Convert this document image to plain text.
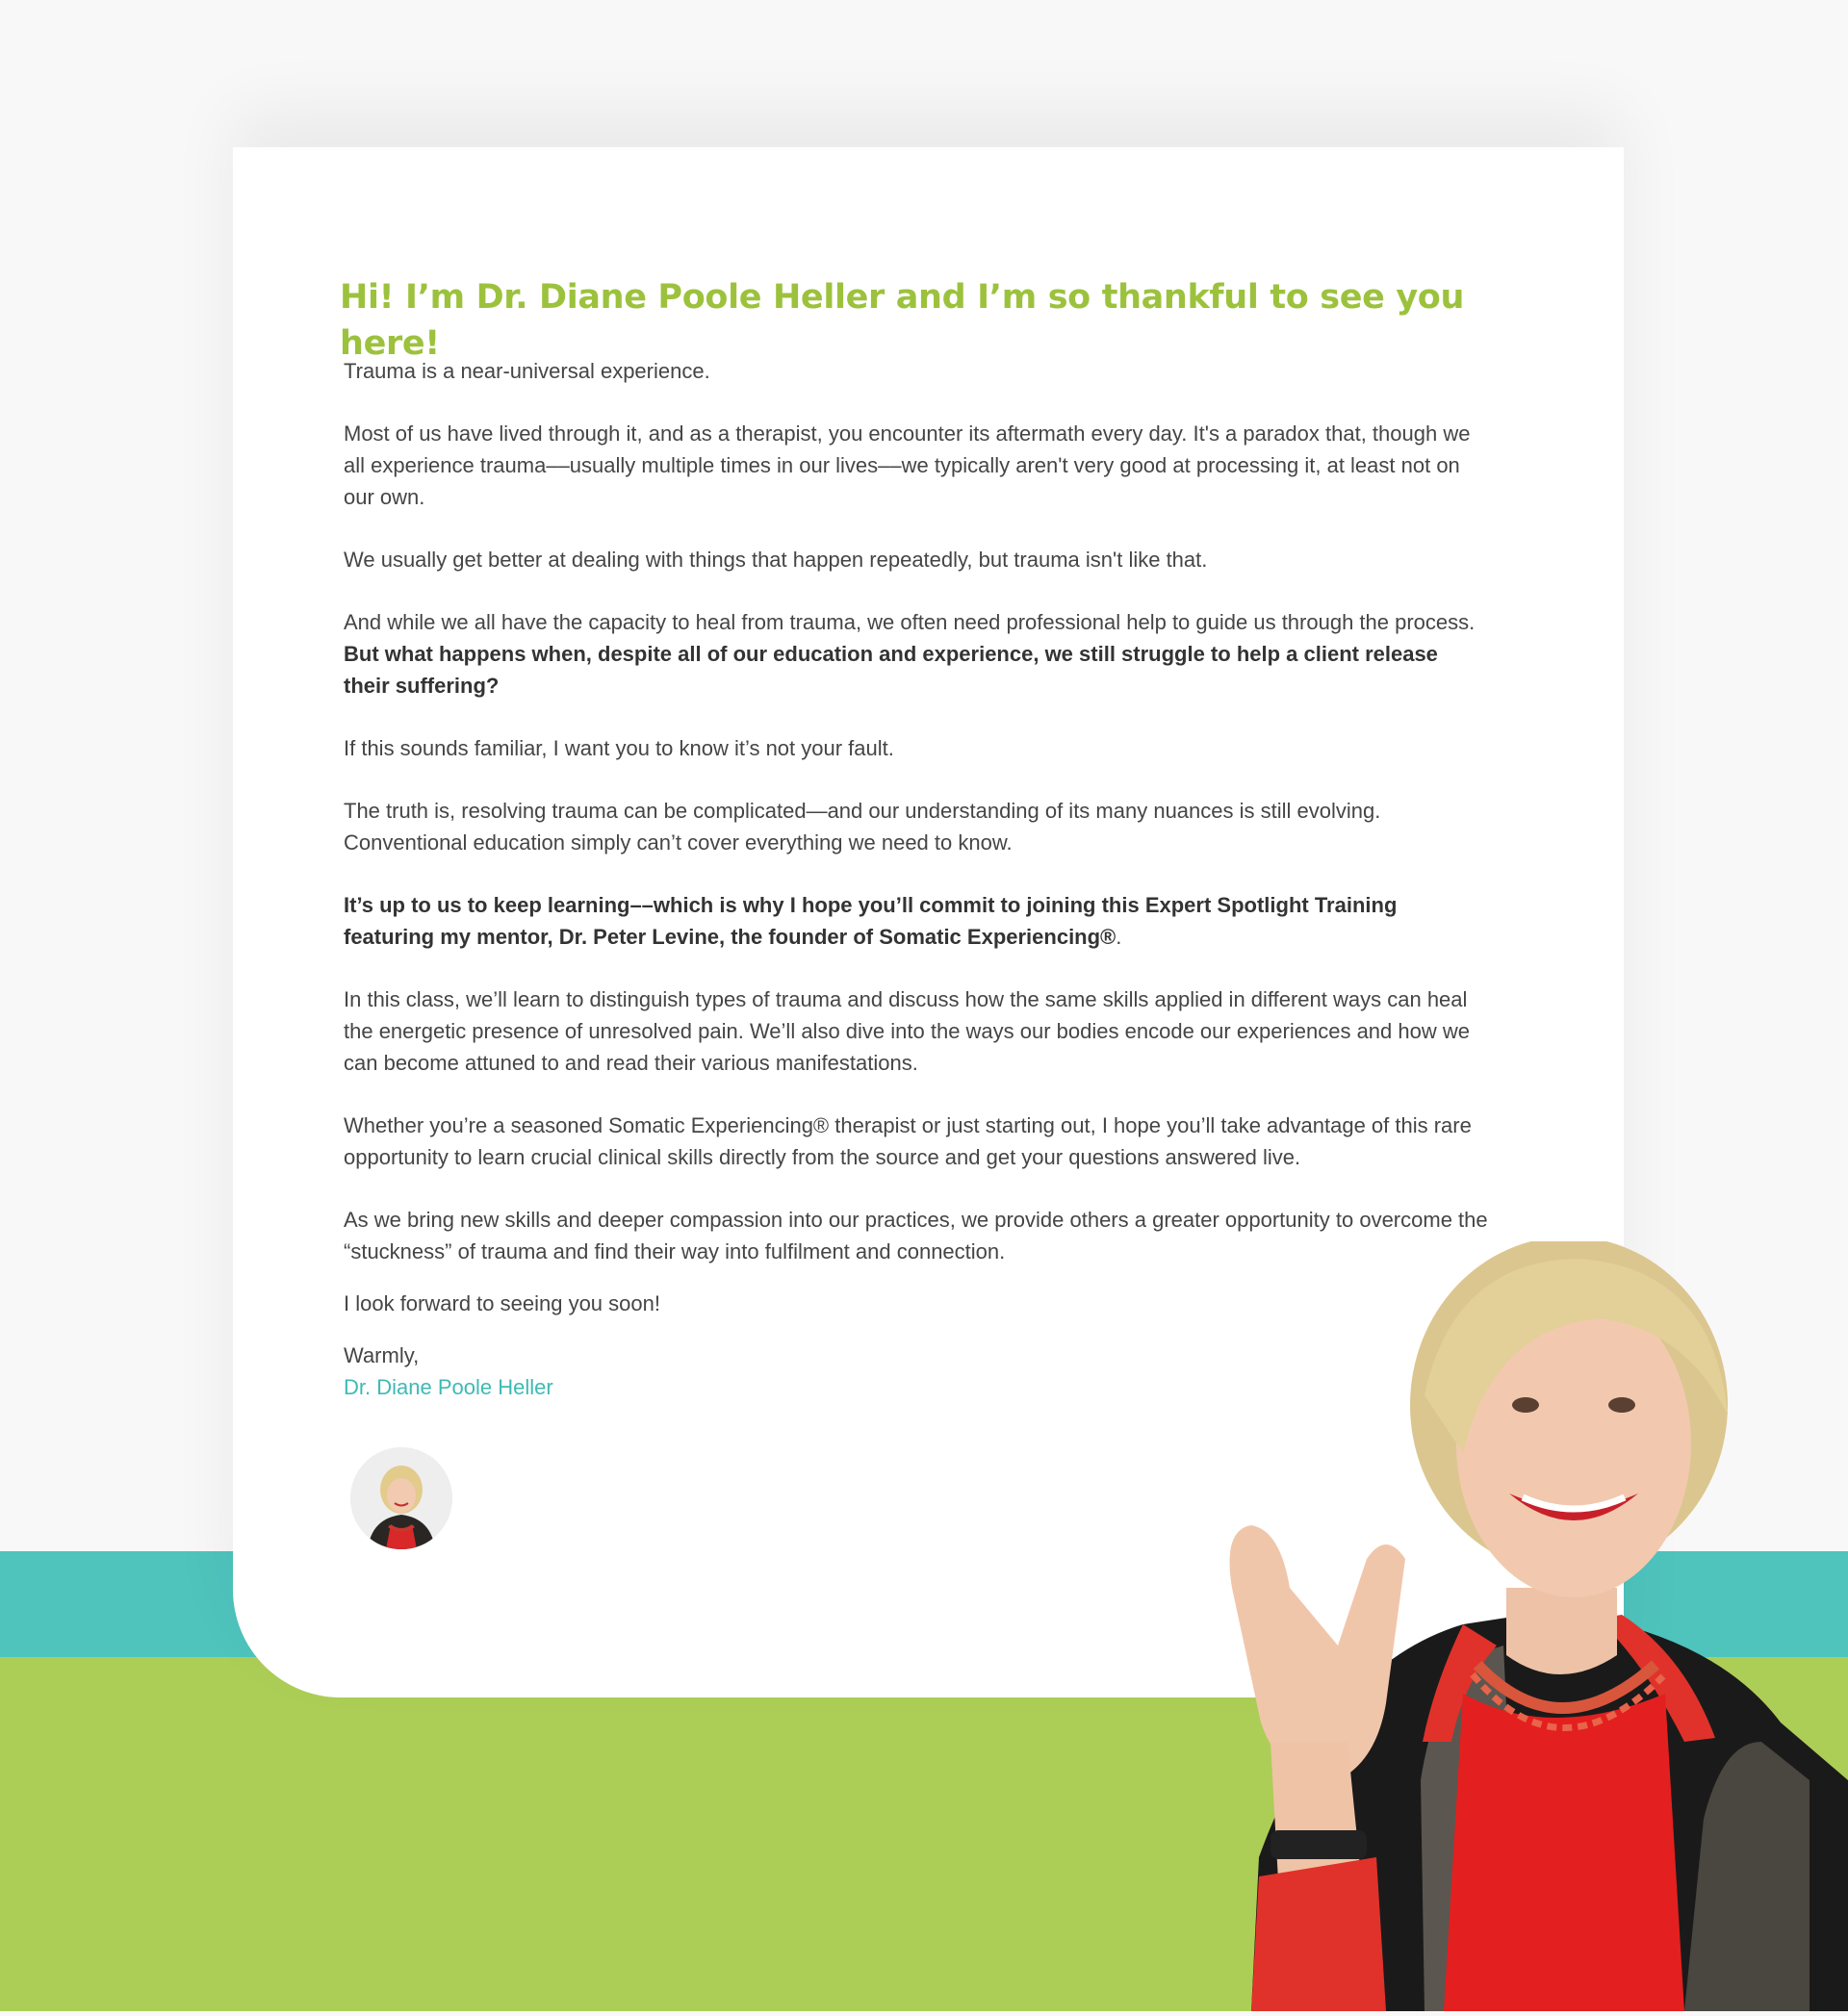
Hi! I’m Dr. Diane Poole Heller and I’m so thankful to see you here!

Trauma is a near-universal experience.

Most of us have lived through it, and as a therapist, you encounter its aftermath every day. It's a paradox that, though we all experience trauma––usually multiple times in our lives––we typically aren't very good at processing it, at least not on our own.

We usually get better at dealing with things that happen repeatedly, but trauma isn't like that.

And while we all have the capacity to heal from trauma, we often need professional help to guide us through the process. But what happens when, despite all of our education and experience, we still struggle to help a client release their suffering?

If this sounds familiar, I want you to know it’s not your fault.

The truth is, resolving trauma can be complicated—and our understanding of its many nuances is still evolving. Conventional education simply can’t cover everything we need to know.

It’s up to us to keep learning––which is why I hope you’ll commit to joining this Expert Spotlight Training featuring my mentor, Dr. Peter Levine, the founder of Somatic Experiencing®.

In this class, we’ll learn to distinguish types of trauma and discuss how the same skills applied in different ways can heal the energetic presence of unresolved pain. We’ll also dive into the ways our bodies encode our experiences and how we can become attuned to and read their various manifestations.

Whether you’re a seasoned Somatic Experiencing® therapist or just starting out, I hope you’ll take advantage of this rare opportunity to learn crucial clinical skills directly from the source and get your questions answered live.

As we bring new skills and deeper compassion into our practices, we provide others a greater opportunity to overcome the “stuckness” of trauma and find their way into fulfilment and connection.

I look forward to seeing you soon!

Warmly,
Dr. Diane Poole Heller
